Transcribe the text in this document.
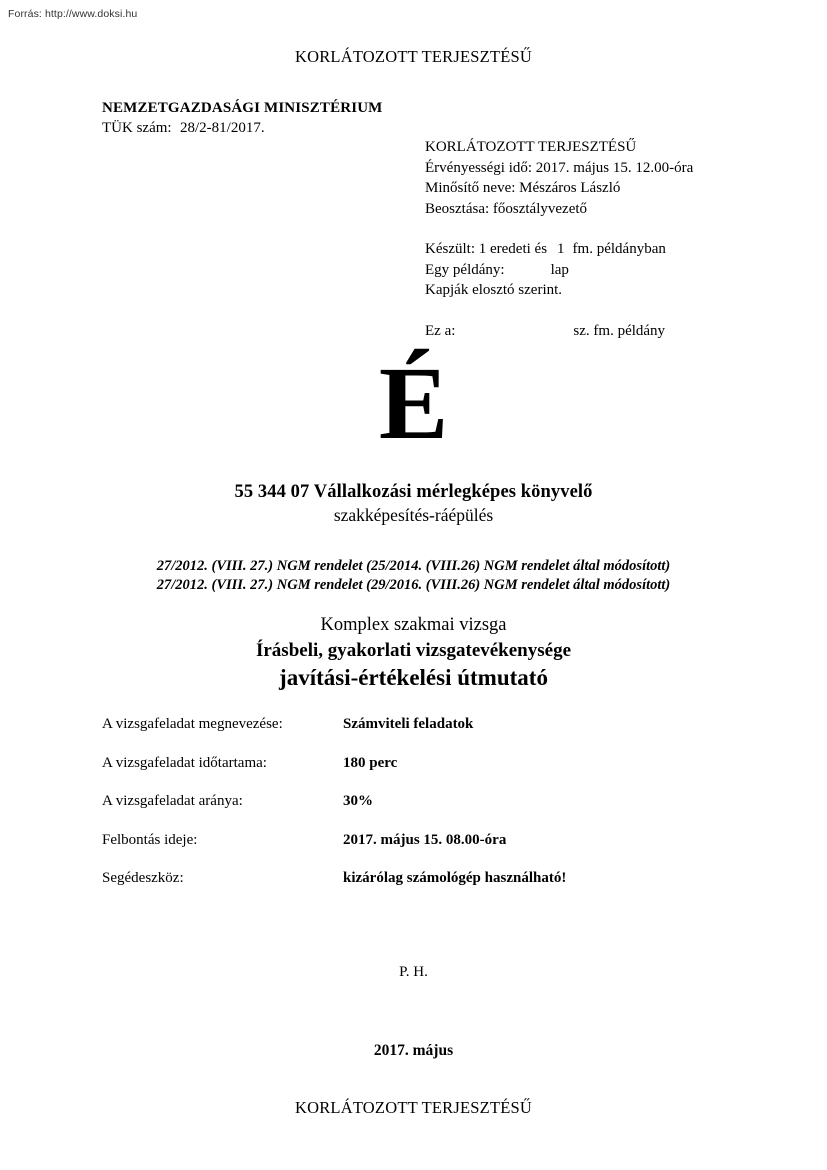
Forrás: http://www.doksi.hu
KORLÁTOZOTT TERJESZTÉSŰ
NEMZETGAZDASÁGI MINISZTÉRIUM
TÜK szám: 28/2-81/2017.
KORLÁTOZOTT TERJESZTÉSŰ
Érvényességi idő: 2017. május 15. 12.00-óra
Minősítő neve: Mészáros László
Beosztása: főosztályvezető
Készült: 1 eredeti és 1 fm. példányban
Egy példány:	lap
Kapják elosztó szerint.
Ez a:	sz. fm. példány
É
55 344 07 Vállalkozási mérlegképes könyvelő
szakképesítés-ráépülés
27/2012. (VIII. 27.) NGM rendelet (25/2014. (VIII.26) NGM rendelet által módosított)
27/2012. (VIII. 27.) NGM rendelet (29/2016. (VIII.26) NGM rendelet által módosított)
Komplex szakmai vizsga
Írásbeli, gyakorlati vizsgatevékenysége
javítási-értékelési útmutató
A vizsgafeladat megnevezése:	Számviteli feladatok
A vizsgafeladat időtartama:	180 perc
A vizsgafeladat aránya:	30%
Felbontás ideje:	2017. május 15. 08.00-óra
Segédeszköz:	kizárólag számológép használható!
P. H.
2017. május
KORLÁTOZOTT TERJESZTÉSŰ
